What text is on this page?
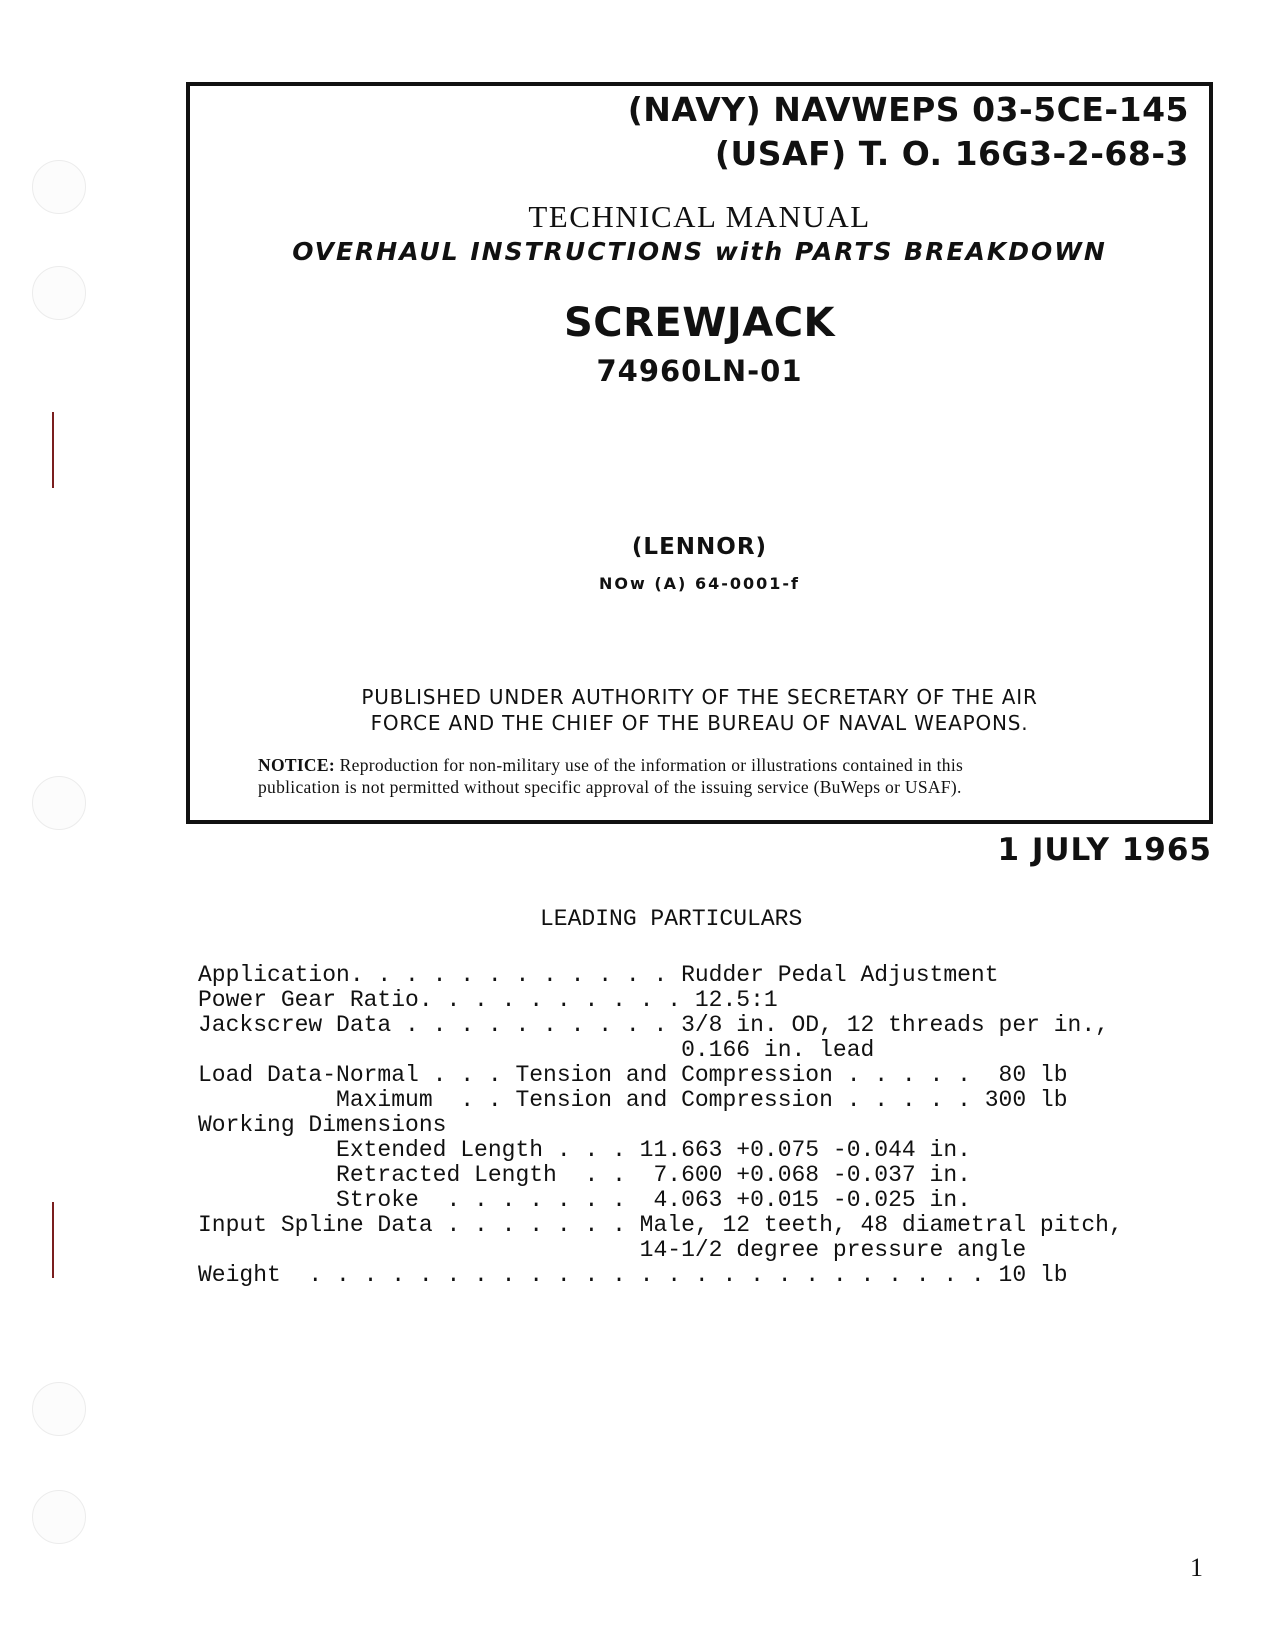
(NAVY) NAVWEPS 03-5CE-145
(USAF) T. O. 16G3-2-68-3
TECHNICAL MANUAL
OVERHAUL INSTRUCTIONS with PARTS BREAKDOWN
SCREWJACK
74960LN-01
(LENNOR)
NOw (A) 64-0001-f
PUBLISHED UNDER AUTHORITY OF THE SECRETARY OF THE AIR
FORCE AND THE CHIEF OF THE BUREAU OF NAVAL WEAPONS.
NOTICE: Reproduction for non-military use of the information or illustrations contained in this
publication is not permitted without specific approval of the issuing service (BuWeps or USAF).
1 JULY 1965
LEADING PARTICULARS
Application. . . . . . . . . . . . Rudder Pedal Adjustment
Power Gear Ratio. . . . . . . . . . 12.5:1
Jackscrew Data . . . . . . . . . . 3/8 in. OD, 12 threads per in.,
0.166 in. lead
Load Data-Normal . . . Tension and Compression . . . . .  80 lb
Maximum  . . Tension and Compression . . . . . 300 lb
Working Dimensions
Extended Length . . . 11.663 +0.075 -0.044 in.
Retracted Length  . .  7.600 +0.068 -0.037 in.
Stroke  . . . . . . .  4.063 +0.015 -0.025 in.
Input Spline Data . . . . . . . Male, 12 teeth, 48 diametral pitch,
14-1/2 degree pressure angle
Weight  . . . . . . . . . . . . . . . . . . . . . . . . . 10 lb
1
